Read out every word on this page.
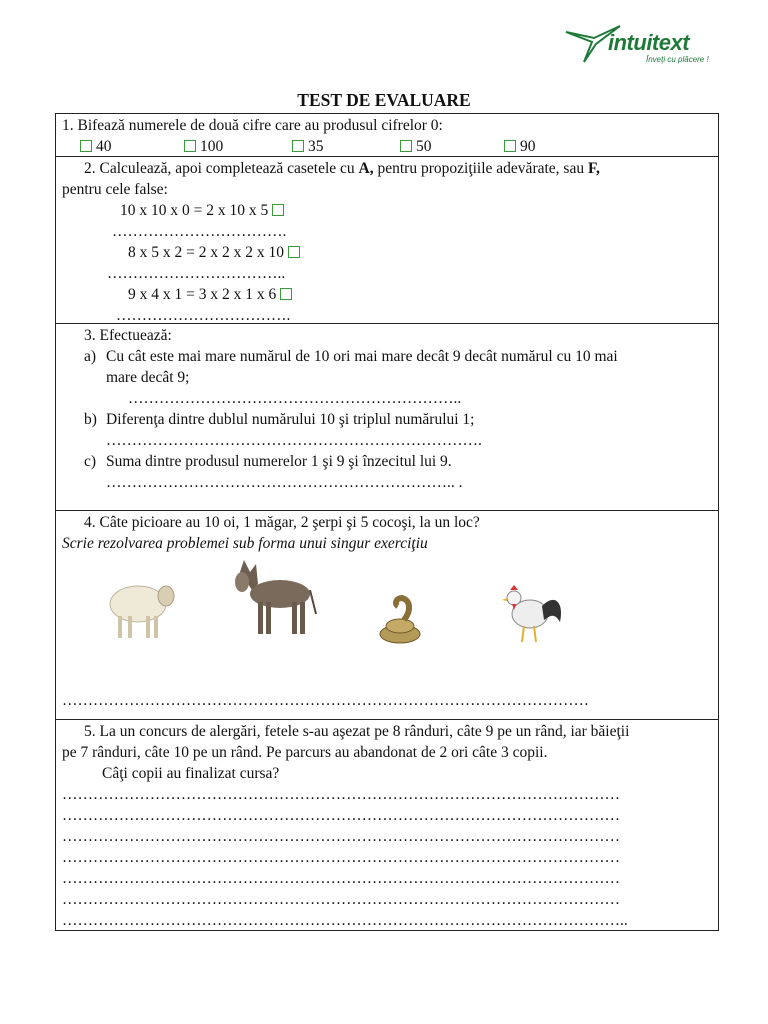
intuitext
Înveţi cu plăcere !
TEST DE EVALUARE
1. Bifează numerele de două cifre care au produsul cifrelor 0:
40	100	35	50	90
2. Calculează, apoi completează casetele cu A, pentru propoziţiile adevărate, sau F,
pentru cele false:
10 x 10 x 0 = 2 x 10 x 5
…………………………….
8 x 5 x 2 = 2 x 2 x 2 x 10
……………………………..
9 x 4 x 1 = 3 x 2 x 1 x 6
…………………………….
3. Efectuează:
a) Cu cât este mai mare numărul de 10 ori mai mare decât 9 decât numărul cu 10 mai
mare decât 9;
………………………………………………………..
b) Diferenţa dintre dublul numărului 10 şi triplul numărului 1;
……………………………………………………………….
c) Suma dintre produsul numerelor 1 şi 9 şi înzecitul lui 9.
………………………………………………………….. .
4. Câte picioare au 10 oi, 1 măgar, 2 şerpi şi 5 cocoşi, la un loc?
Scrie rezolvarea problemei sub forma unui singur exerciţiu
…………………………………………………………………………………………
5. La un concurs de alergări, fetele s-au aşezat pe 8 rânduri, câte 9 pe un rând, iar băieţii
pe 7 rânduri, câte 10 pe un rând. Pe parcurs au abandonat de 2 ori câte 3 copii.
Câţi copii au finalizat cursa?
………………………………………………………………………………………………
………………………………………………………………………………………………
………………………………………………………………………………………………
………………………………………………………………………………………………
………………………………………………………………………………………………
………………………………………………………………………………………………
………………………………………………………………………………………………..
